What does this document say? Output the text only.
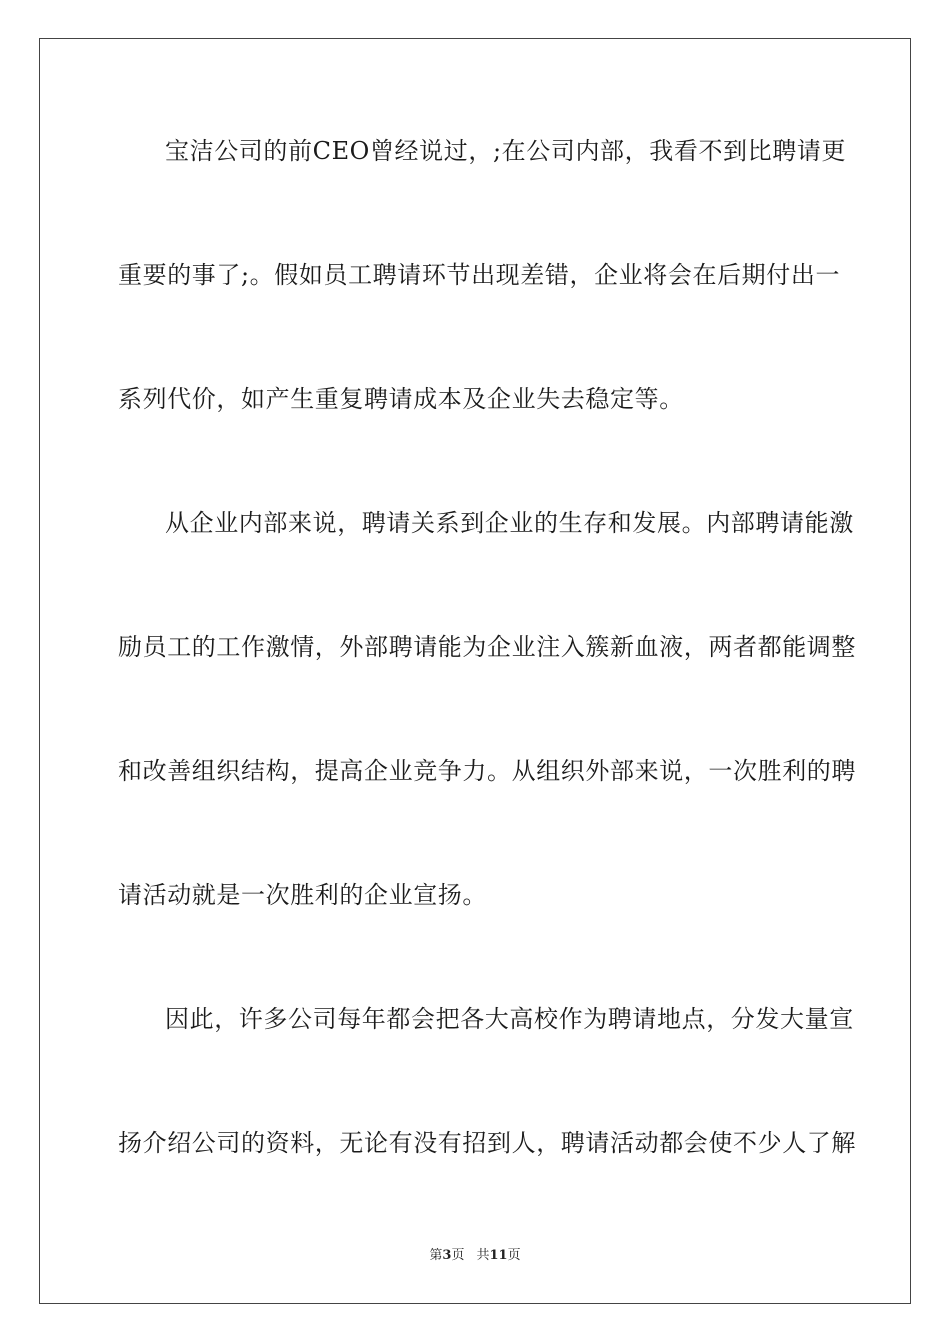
宝洁公司的前CEO曾经说过，;在公司内部，我看不到比聘请更
重要的事了;。假如员工聘请环节出现差错，企业将会在后期付出一
系列代价，如产生重复聘请成本及企业失去稳定等。
从企业内部来说，聘请关系到企业的生存和发展。内部聘请能激
励员工的工作激情，外部聘请能为企业注入簇新血液，两者都能调整
和改善组织结构，提高企业竞争力。从组织外部来说，一次胜利的聘
请活动就是一次胜利的企业宣扬。
因此，许多公司每年都会把各大高校作为聘请地点，分发大量宣
扬介绍公司的资料，无论有没有招到人，聘请活动都会使不少人了解
第3页 共11页
